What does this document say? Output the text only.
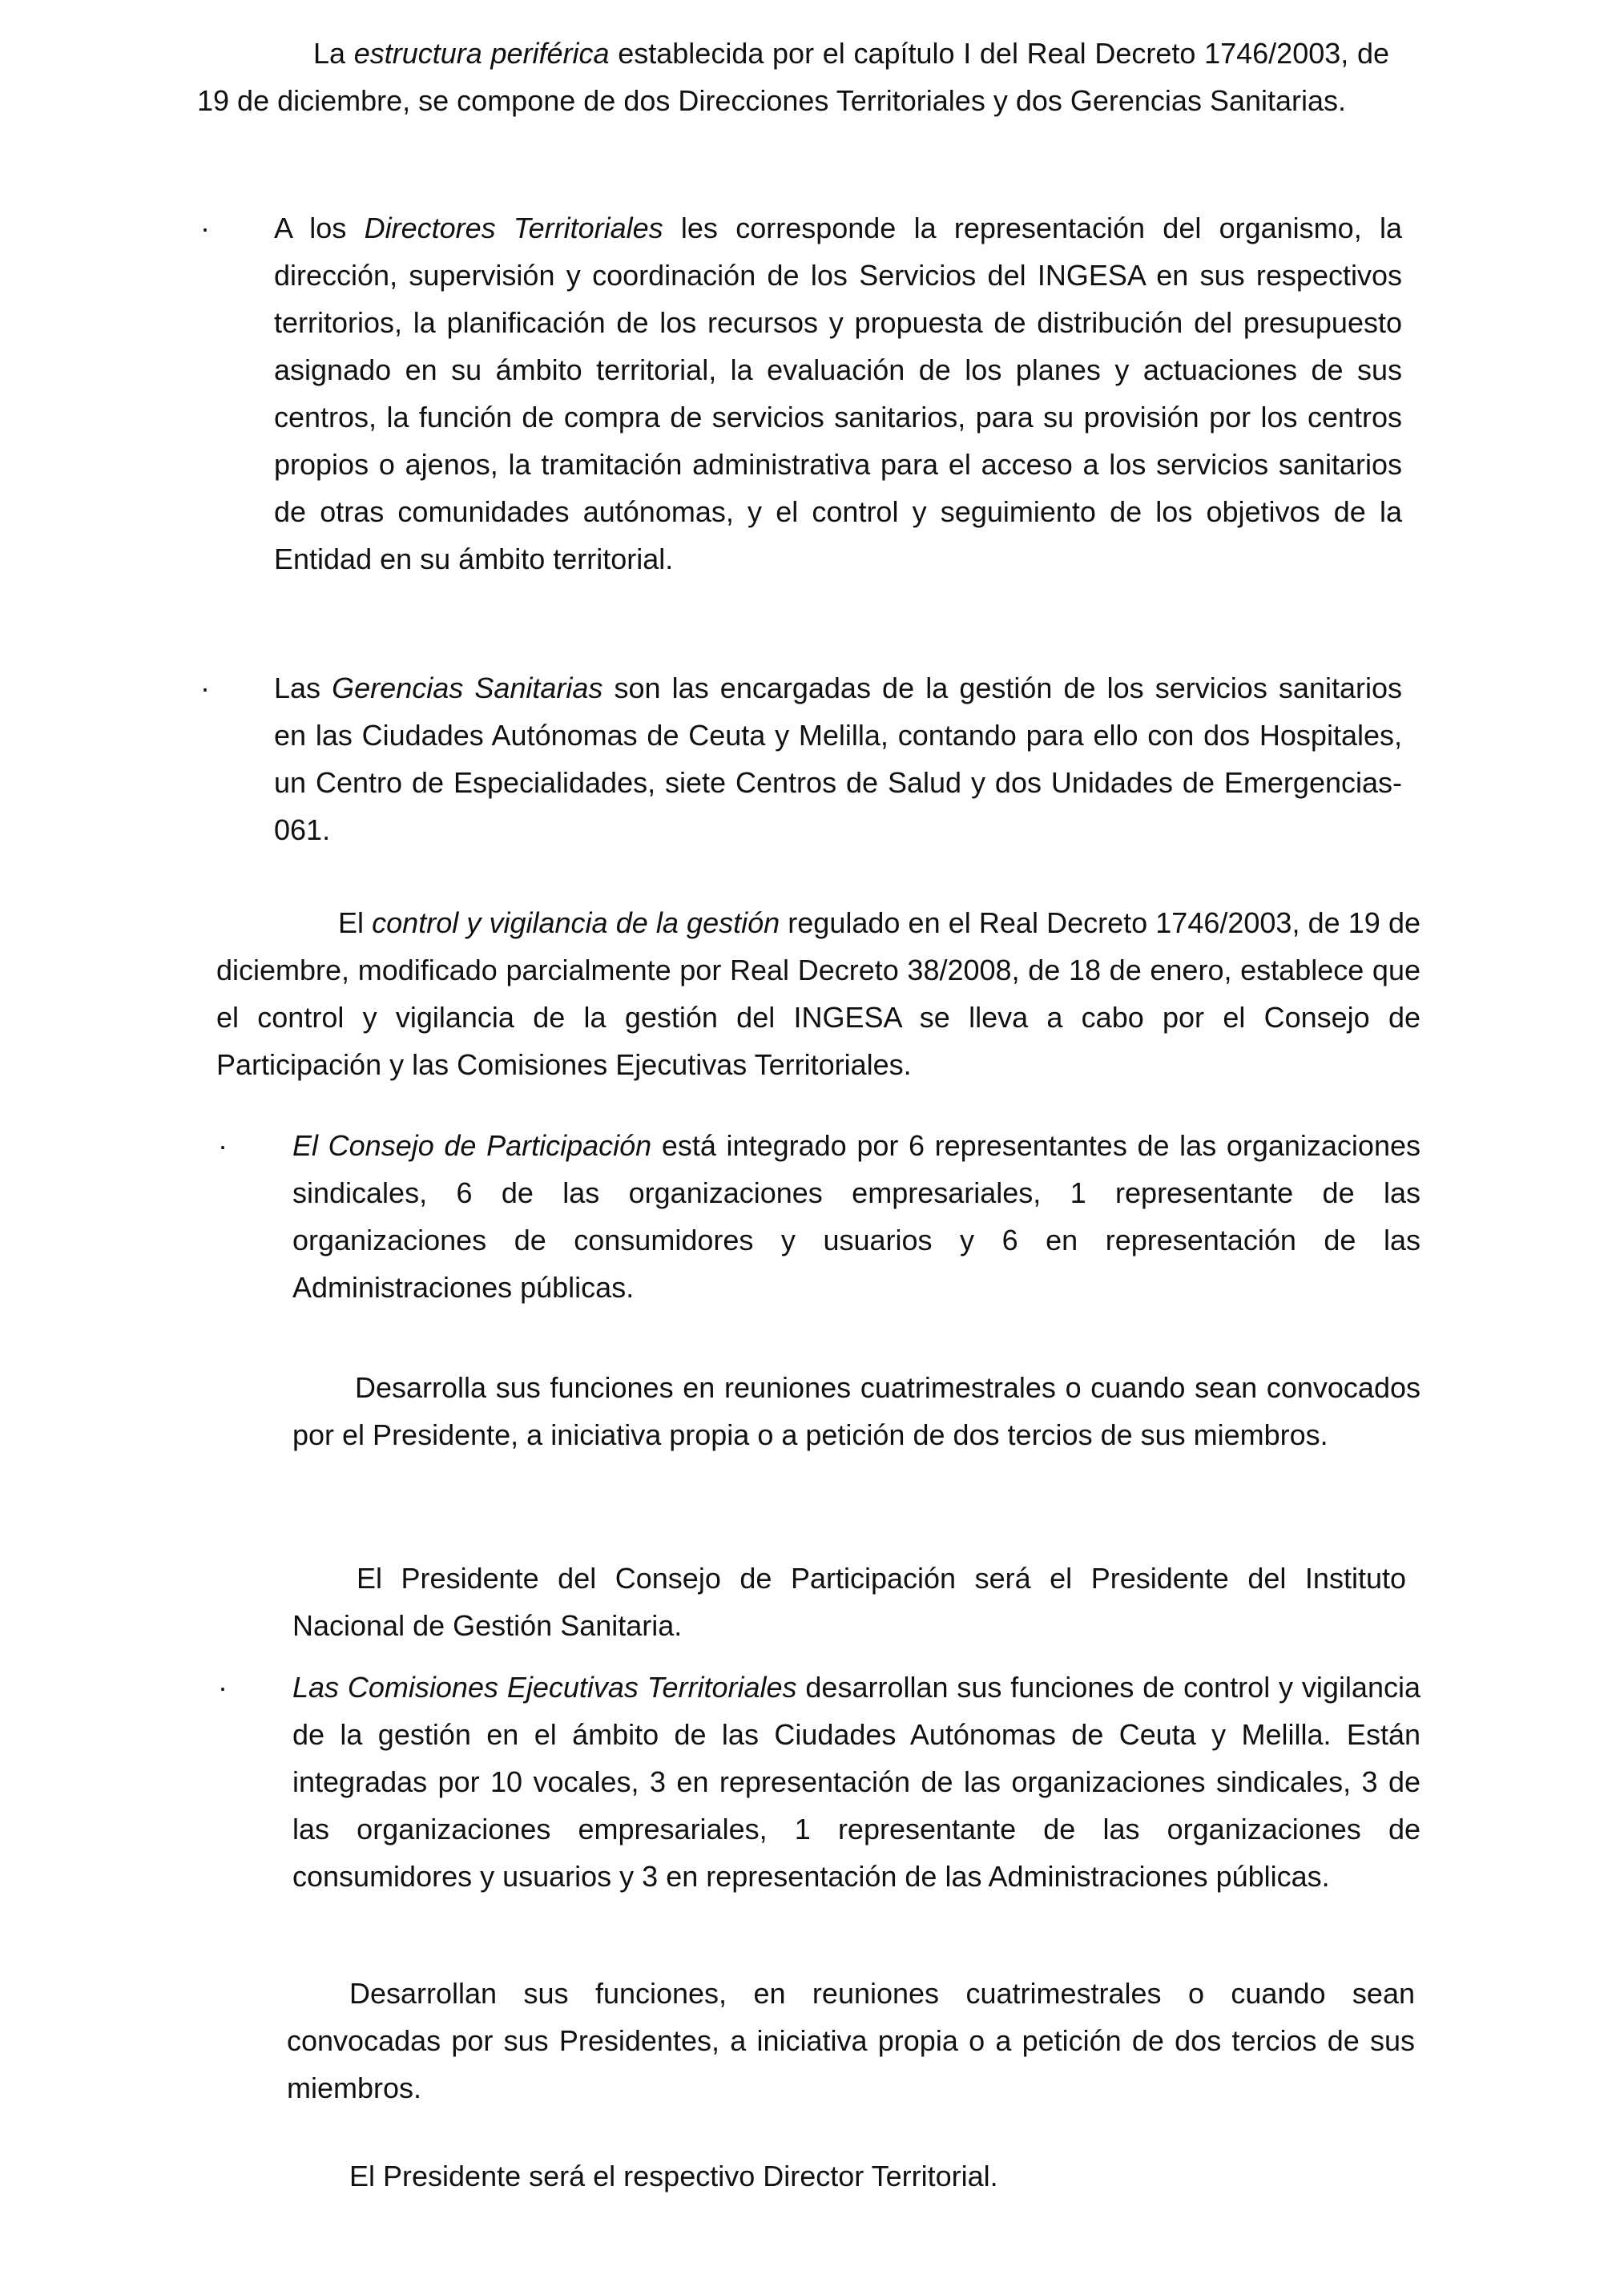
La estructura periférica establecida por el capítulo I del Real Decreto 1746/2003, de 19 de diciembre, se compone de dos Direcciones Territoriales y dos Gerencias Sanitarias.

· A los Directores Territoriales les corresponde la representación del organismo, la dirección, supervisión y coordinación de los Servicios del INGESA en sus respectivos territorios, la planificación de los recursos y propuesta de distribución del presupuesto asignado en su ámbito territorial, la evaluación de los planes y actuaciones de sus centros, la función de compra de servicios sanitarios, para su provisión por los centros propios o ajenos, la tramitación administrativa para el acceso a los servicios sanitarios de otras comunidades autónomas, y el control y seguimiento de los objetivos de la Entidad en su ámbito territorial.

· Las Gerencias Sanitarias son las encargadas de la gestión de los servicios sanitarios en las Ciudades Autónomas de Ceuta y Melilla, contando para ello con dos Hospitales, un Centro de Especialidades, siete Centros de Salud y dos Unidades de Emergencias-061.

El control y vigilancia de la gestión regulado en el Real Decreto 1746/2003, de 19 de diciembre, modificado parcialmente por Real Decreto 38/2008, de 18 de enero, establece que el control y vigilancia de la gestión del INGESA se lleva a cabo por el Consejo de Participación y las Comisiones Ejecutivas Territoriales.

· El Consejo de Participación está integrado por 6 representantes de las organizaciones sindicales, 6 de las organizaciones empresariales, 1 representante de las organizaciones de consumidores y usuarios y 6 en representación de las Administraciones públicas.

Desarrolla sus funciones en reuniones cuatrimestrales o cuando sean convocados por el Presidente, a iniciativa propia o a petición de dos tercios de sus miembros.

El Presidente del Consejo de Participación será el Presidente del Instituto Nacional de Gestión Sanitaria.

· Las Comisiones Ejecutivas Territoriales desarrollan sus funciones de control y vigilancia de la gestión en el ámbito de las Ciudades Autónomas de Ceuta y Melilla. Están integradas por 10 vocales, 3 en representación de las organizaciones sindicales, 3 de las organizaciones empresariales, 1 representante de las organizaciones de consumidores y usuarios y 3 en representación de las Administraciones públicas.

Desarrollan sus funciones, en reuniones cuatrimestrales o cuando sean convocadas por sus Presidentes, a iniciativa propia o a petición de dos tercios de sus miembros.

El Presidente será el respectivo Director Territorial.
